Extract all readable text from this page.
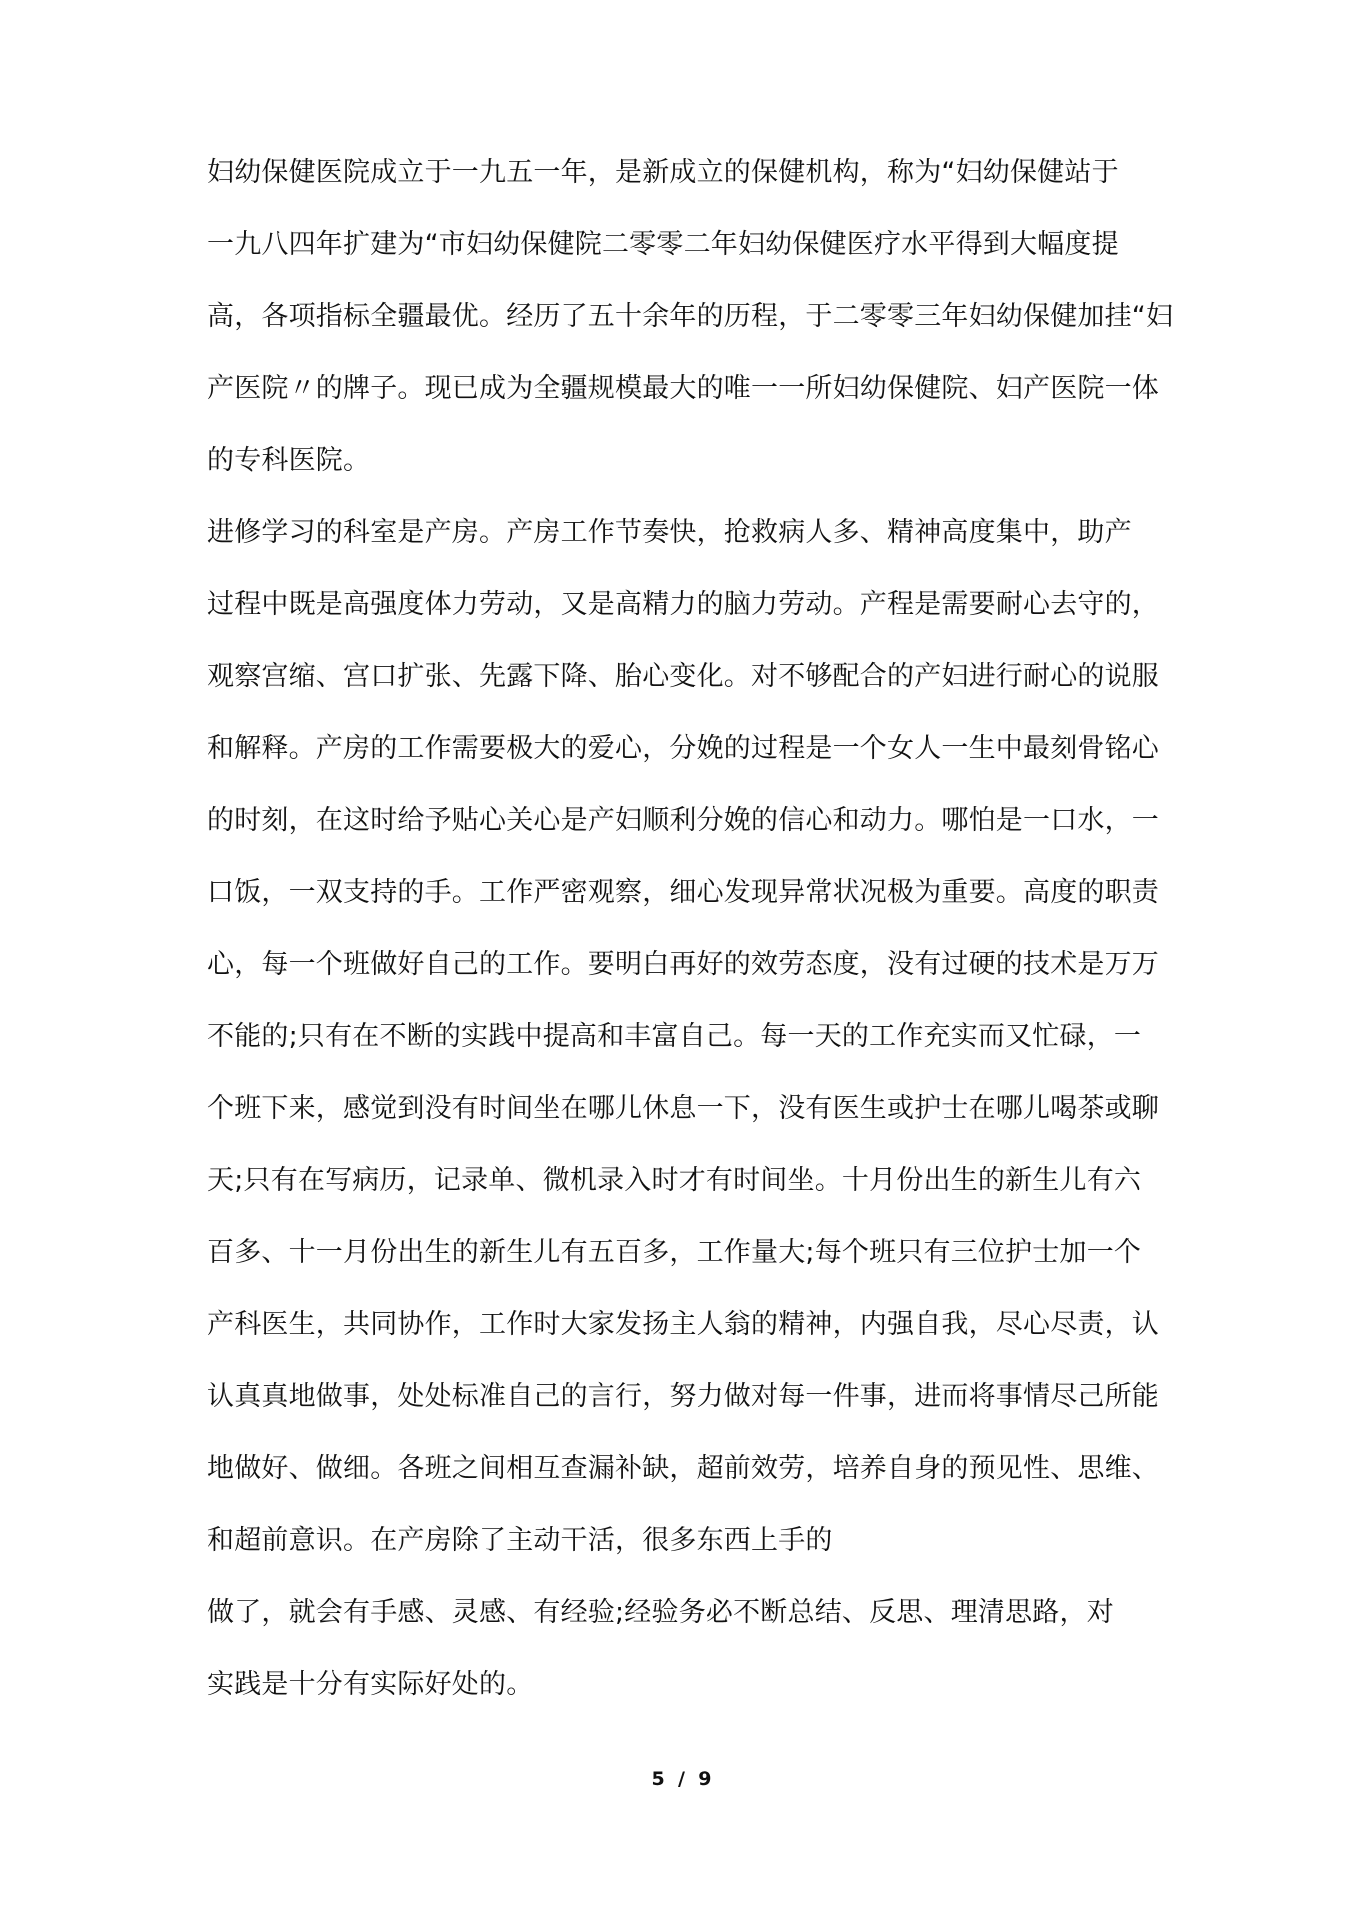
妇幼保健医院成立于一九五一年，是新成立的保健机构，称为“妇幼保健站于
一九八四年扩建为“市妇幼保健院二零零二年妇幼保健医疗水平得到大幅度提
高，各项指标全疆最优。经历了五十余年的历程，于二零零三年妇幼保健加挂“妇
产医院〃的牌子。现已成为全疆规模最大的唯一一所妇幼保健院、妇产医院一体
的专科医院。
进修学习的科室是产房。产房工作节奏快，抢救病人多、精神高度集中，助产
过程中既是高强度体力劳动，又是高精力的脑力劳动。产程是需要耐心去守的，
观察宫缩、宫口扩张、先露下降、胎心变化。对不够配合的产妇进行耐心的说服
和解释。产房的工作需要极大的爱心，分娩的过程是一个女人一生中最刻骨铭心
的时刻，在这时给予贴心关心是产妇顺利分娩的信心和动力。哪怕是一口水，一
口饭，一双支持的手。工作严密观察，细心发现异常状况极为重要。高度的职责
心，每一个班做好自己的工作。要明白再好的效劳态度，没有过硬的技术是万万
不能的;只有在不断的实践中提高和丰富自己。每一天的工作充实而又忙碌，一
个班下来，感觉到没有时间坐在哪儿休息一下，没有医生或护士在哪儿喝茶或聊
天;只有在写病历，记录单、微机录入时才有时间坐。十月份出生的新生儿有六
百多、十一月份出生的新生儿有五百多，工作量大;每个班只有三位护士加一个
产科医生，共同协作，工作时大家发扬主人翁的精神，内强自我，尽心尽责，认
认真真地做事，处处标准自己的言行，努力做对每一件事，进而将事情尽己所能
地做好、做细。各班之间相互查漏补缺，超前效劳，培养自身的预见性、思维、
和超前意识。在产房除了主动干活，很多东西上手的
做了，就会有手感、灵感、有经验;经验务必不断总结、反思、理清思路，对
实践是十分有实际好处的。
5 / 9
